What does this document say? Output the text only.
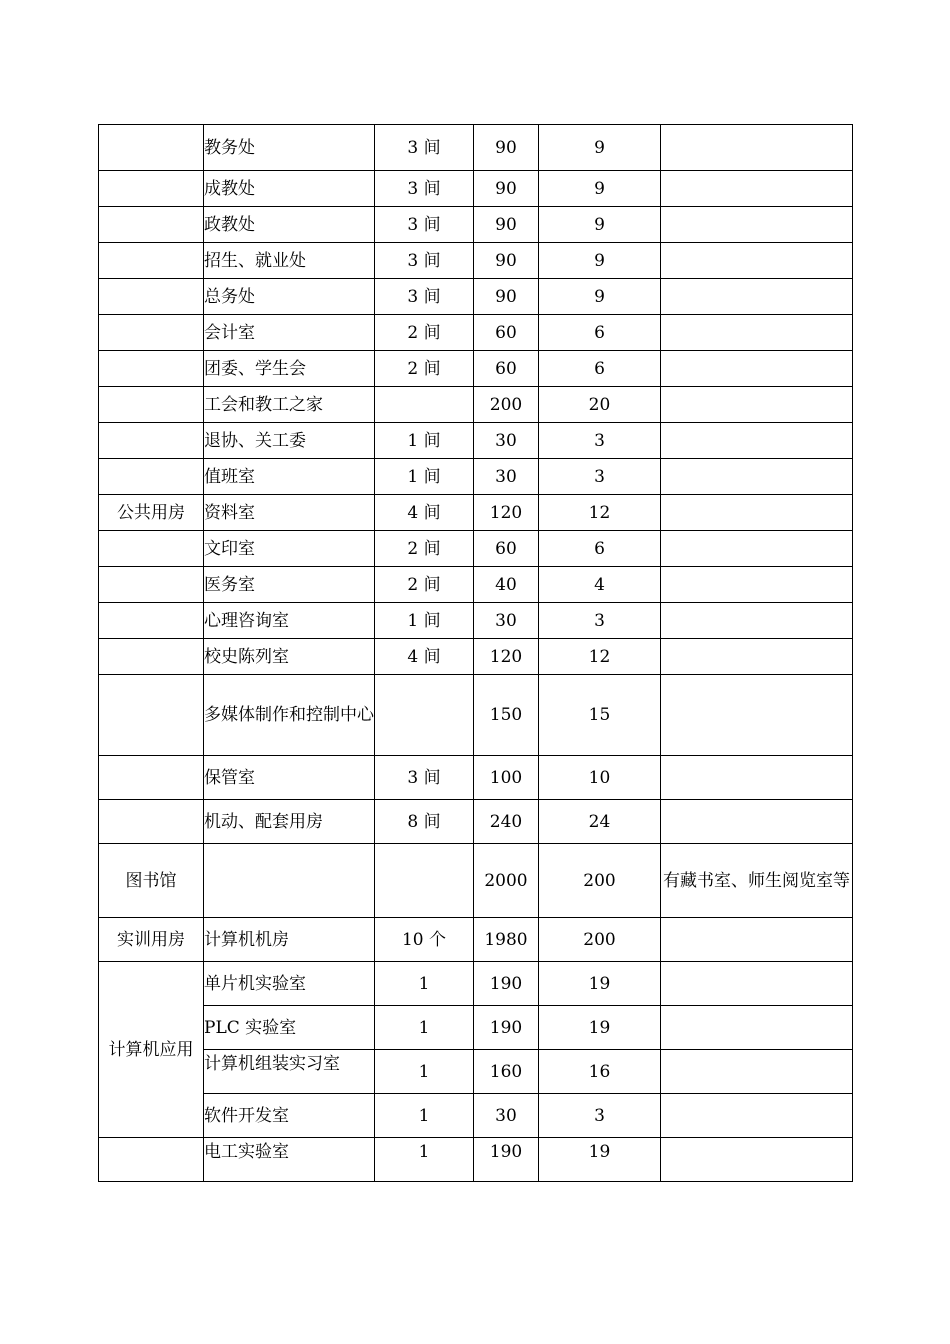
	教务处	3 间	90	9	
	成教处	3 间	90	9	
	政教处	3 间	90	9	
	招生、就业处	3 间	90	9	
	总务处	3 间	90	9	
	会计室	2 间	60	6	
	团委、学生会	2 间	60	6	
	工会和教工之家		200	20	
	退协、关工委	1 间	30	3	
	值班室	1 间	30	3	
公共用房	资料室	4 间	120	12	
	文印室	2 间	60	6	
	医务室	2 间	40	4	
	心理咨询室	1 间	30	3	
	校史陈列室	4 间	120	12	
	多媒体制作和控制中心		150	15	
	保管室	3 间	100	10	
	机动、配套用房	8 间	240	24	
图书馆			2000	200	有藏书室、师生阅览室等
实训用房	计算机机房	10 个	1980	200	
计算机应用	单片机实验室	1	190	19	
	PLC 实验室	1	190	19	

	计算机组装实习室	1	160	16	
	软件开发室	1	30	3	
	电工实验室	1	190	19	
